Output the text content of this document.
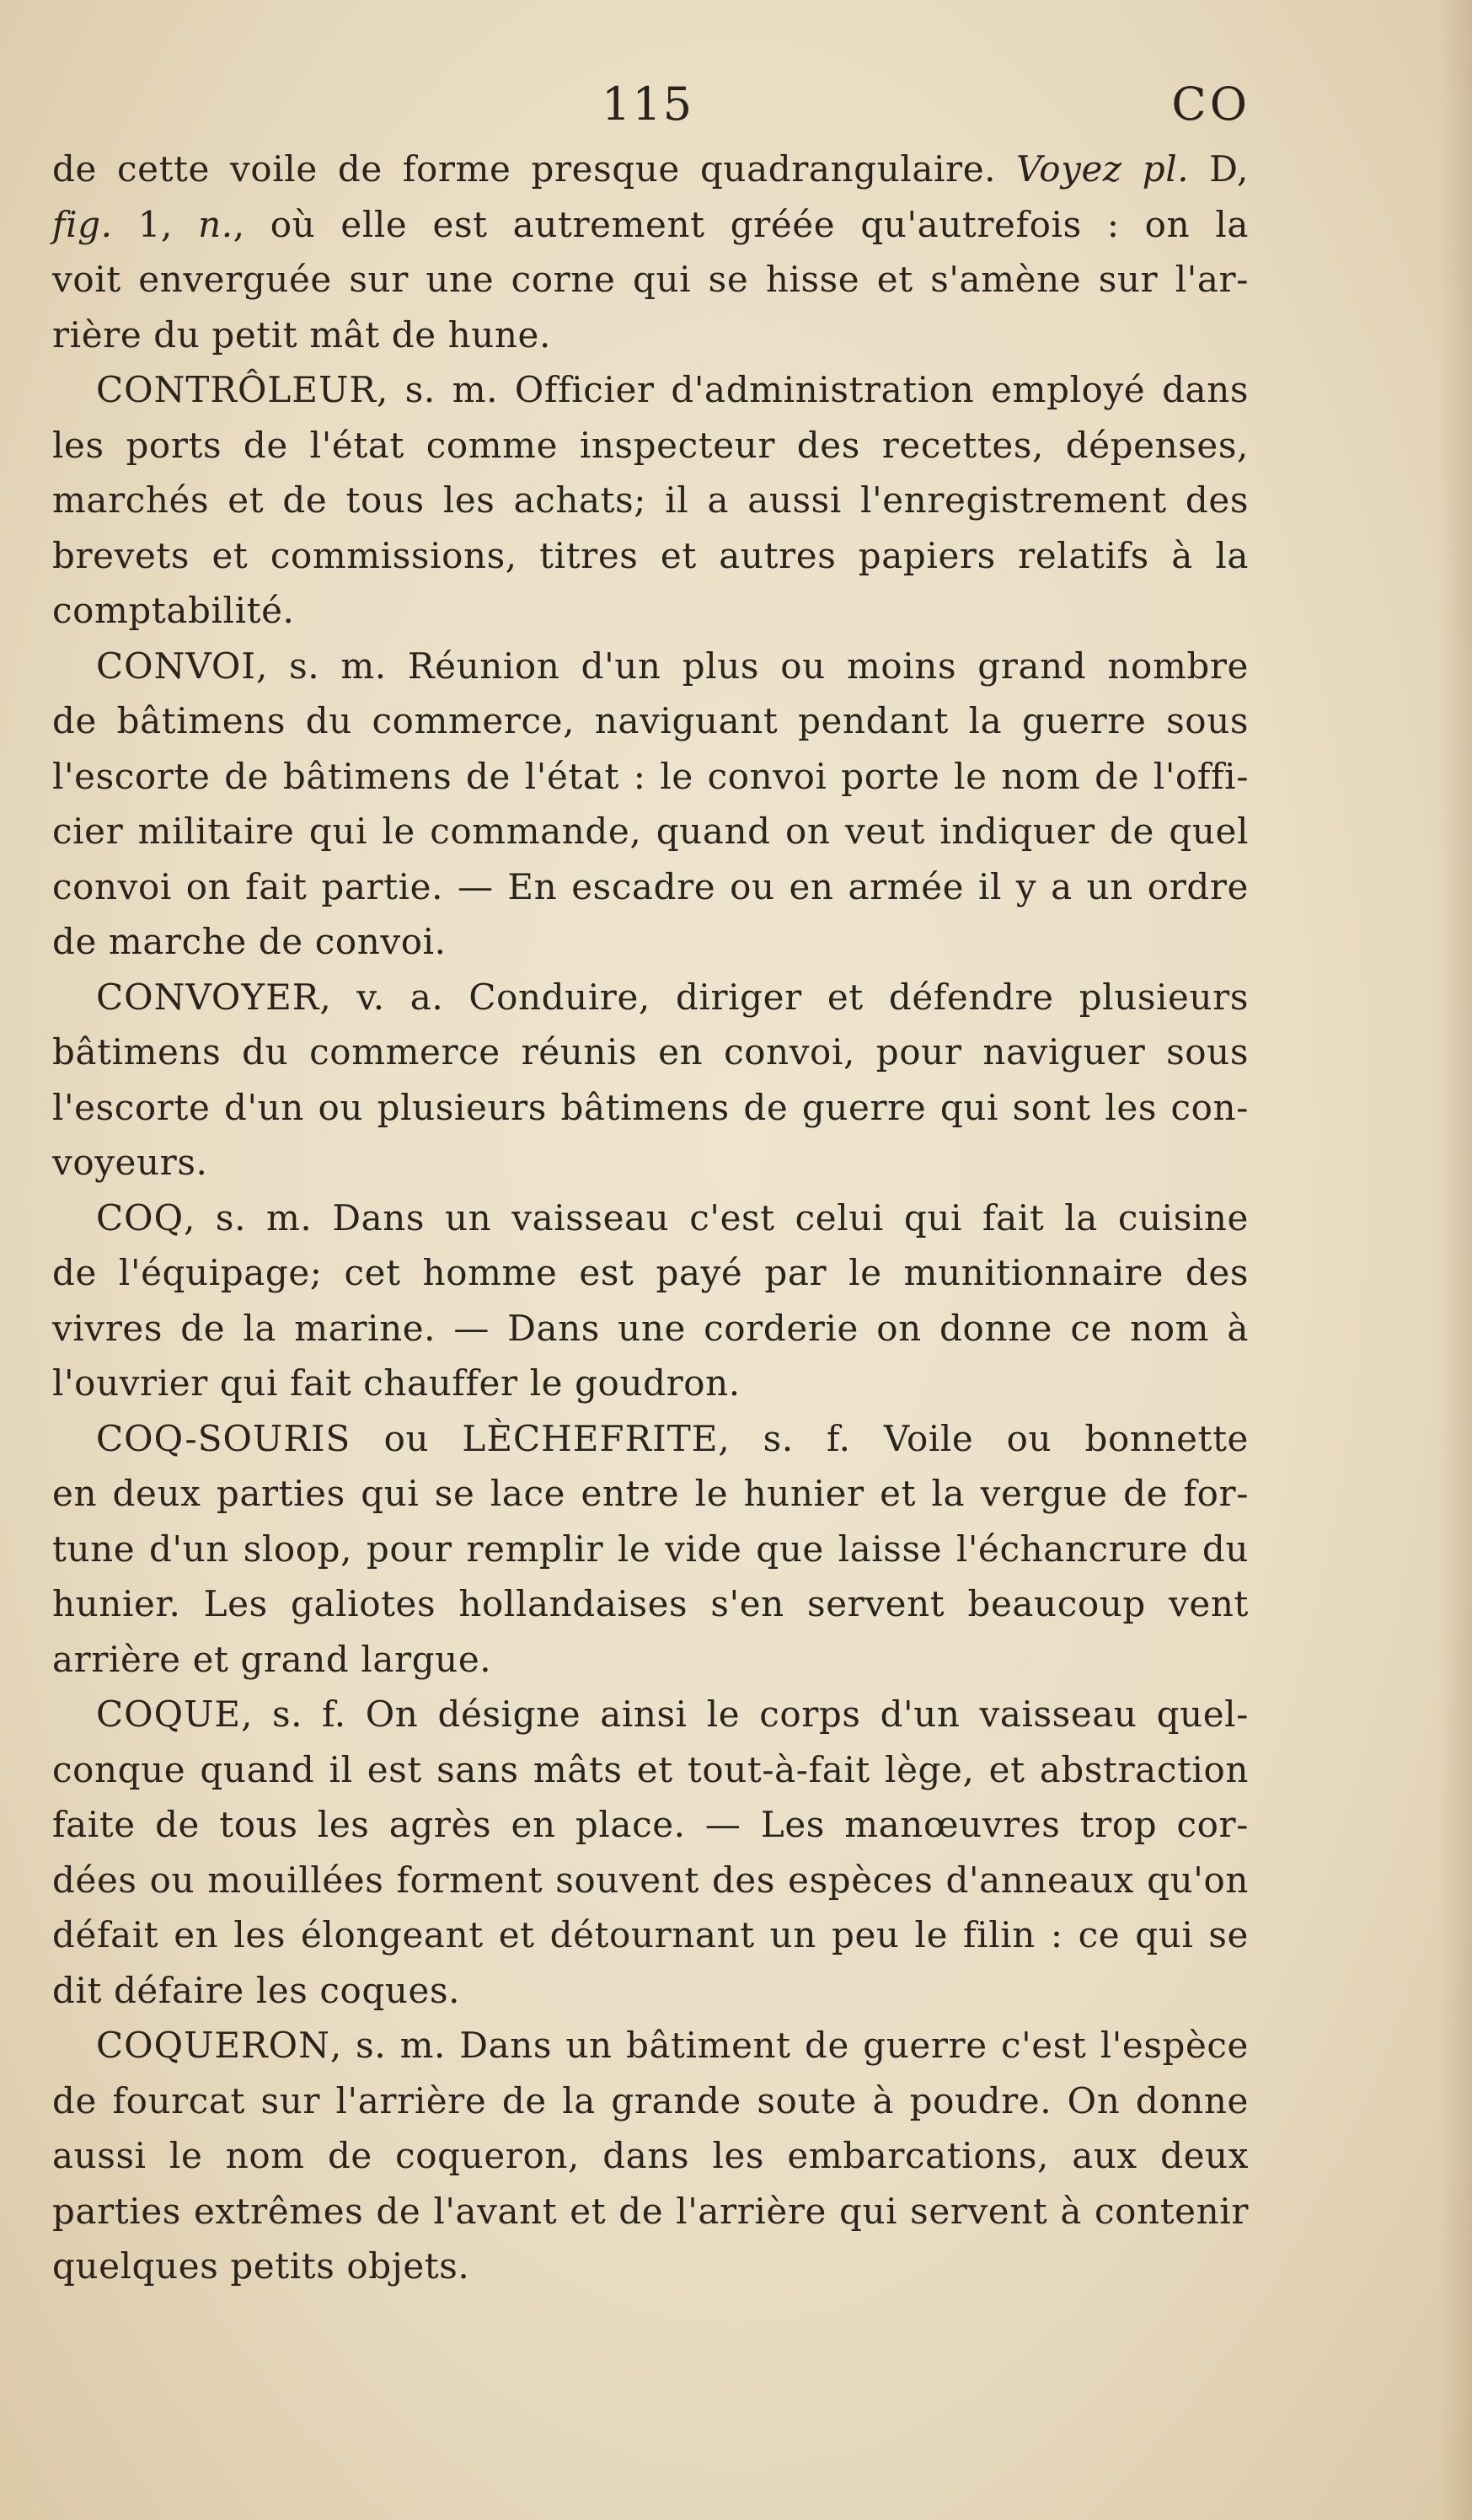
115	CO
de cette voile de forme presque quadrangulaire. Voyez pl. D,
fig. 1, n., où elle est autrement gréée qu'autrefois : on la
voit enverguée sur une corne qui se hisse et s'amène sur l'ar-
rière du petit mât de hune.
CONTRÔLEUR, s. m. Officier d'administration employé dans
les ports de l'état comme inspecteur des recettes, dépenses,
marchés et de tous les achats; il a aussi l'enregistrement des
brevets et commissions, titres et autres papiers relatifs à la
comptabilité.
CONVOI, s. m. Réunion d'un plus ou moins grand nombre
de bâtimens du commerce, naviguant pendant la guerre sous
l'escorte de bâtimens de l'état : le convoi porte le nom de l'offi-
cier militaire qui le commande, quand on veut indiquer de quel
convoi on fait partie. — En escadre ou en armée il y a un ordre
de marche de convoi.
CONVOYER, v. a. Conduire, diriger et défendre plusieurs
bâtimens du commerce réunis en convoi, pour naviguer sous
l'escorte d'un ou plusieurs bâtimens de guerre qui sont les con-
voyeurs.
COQ, s. m. Dans un vaisseau c'est celui qui fait la cuisine
de l'équipage; cet homme est payé par le munitionnaire des
vivres de la marine. — Dans une corderie on donne ce nom à
l'ouvrier qui fait chauffer le goudron.
COQ-SOURIS ou LÈCHEFRITE, s. f. Voile ou bonnette
en deux parties qui se lace entre le hunier et la vergue de for-
tune d'un sloop, pour remplir le vide que laisse l'échancrure du
hunier. Les galiotes hollandaises s'en servent beaucoup vent
arrière et grand largue.
COQUE, s. f. On désigne ainsi le corps d'un vaisseau quel-
conque quand il est sans mâts et tout-à-fait lège, et abstraction
faite de tous les agrès en place. — Les manœuvres trop cor-
dées ou mouillées forment souvent des espèces d'anneaux qu'on
défait en les élongeant et détournant un peu le filin : ce qui se
dit défaire les coques.
COQUERON, s. m. Dans un bâtiment de guerre c'est l'espèce
de fourcat sur l'arrière de la grande soute à poudre. On donne
aussi le nom de coqueron, dans les embarcations, aux deux
parties extrêmes de l'avant et de l'arrière qui servent à contenir
quelques petits objets.
